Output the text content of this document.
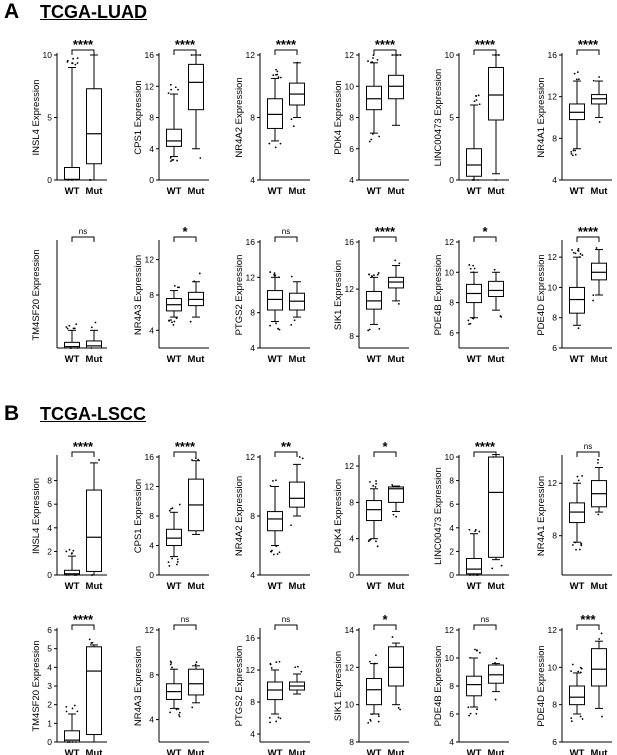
A TCGA-LUAD
B TCGA-LSCC
0
5
10
INSL4 Expression
WT Mut
****
0
4
8
12
16
CPS1 Expression
WT Mut
****
4
8
12
NR4A2 Expression
WT Mut
****
4
6
8
10
12
PDK4 Expression
WT Mut
****
0
5
10
LINC00473 Expression
WT Mut
****
4
8
12
16
NR4A1 Expression
WT Mut
****
TM4SF20 Expression
WT Mut
ns
4
8
12
NR4A3 Expression
WT Mut
*
4
8
12
16
PTGS2 Expression
WT Mut
ns
8
12
16
SIK1 Expression
WT Mut
****
6
8
10
12
PDE4B Expression
WT Mut
*
6
8
10
12
PDE4D Expression
WT Mut
****
0
2
4
6
8
INSL4 Expression
WT Mut
****
0
4
8
12
16
CPS1 Expression
WT Mut
****
4
8
12
NR4A2 Expression
WT Mut
**
0
4
8
12
PDK4 Expression
WT Mut
*
0
2
4
6
8
10
LINC00473 Expression
WT Mut
****
8
12
NR4A1 Expression
WT Mut
ns
0
1
2
3
4
5
6
TM4SF20 Expression
WT Mut
****
4
8
12
NR4A3 Expression
WT Mut
ns
4
8
12
16
PTGS2 Expression
WT Mut
ns
8
10
12
14
SIK1 Expression
WT Mut
*
4
6
8
10
12
PDE4B Expression
WT Mut
ns
6
8
10
12
PDE4D Expression
WT Mut
***
